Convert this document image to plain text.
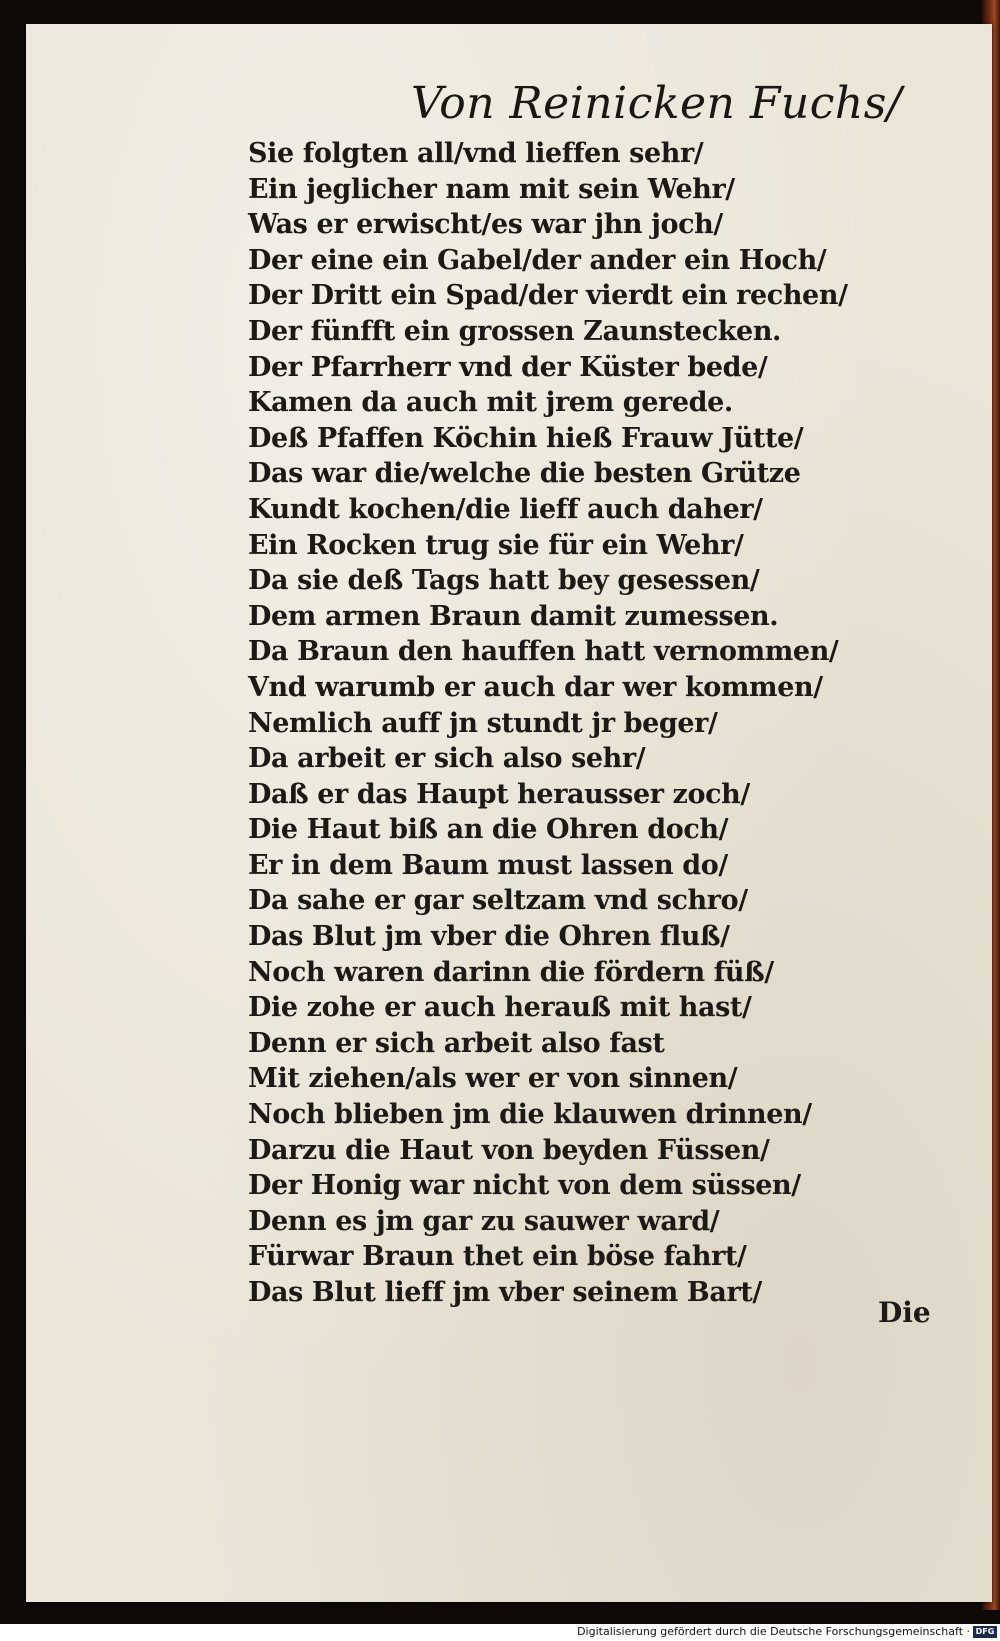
Von Reinicken Fuchs/
Sie folgten all/vnd lieffen sehr/
Ein jeglicher nam mit sein Wehr/
Was er erwischt/es war jhn joch/
Der eine ein Gabel/der ander ein Hoch/
Der Dritt ein Spad/der vierdt ein rechen/
Der fünfft ein grossen Zaunstecken.
Der Pfarrherr vnd der Küster bede/
Kamen da auch mit jrem gerede.
Deß Pfaffen Köchin hieß Frauw Jütte/
Das war die/welche die besten Grütze
Kundt kochen/die lieff auch daher/
Ein Rocken trug sie für ein Wehr/
Da sie deß Tags hatt bey gesessen/
Dem armen Braun damit zumessen.
Da Braun den hauffen hatt vernommen/
Vnd warumb er auch dar wer kommen/
Nemlich auff jn stundt jr beger/
Da arbeit er sich also sehr/
Daß er das Haupt herausser zoch/
Die Haut biß an die Ohren doch/
Er in dem Baum must lassen do/
Da sahe er gar seltzam vnd schro/
Das Blut jm vber die Ohren fluß/
Noch waren darinn die fördern füß/
Die zohe er auch herauß mit hast/
Denn er sich arbeit also fast
Mit ziehen/als wer er von sinnen/
Noch blieben jm die klauwen drinnen/
Darzu die Haut von beyden Füssen/
Der Honig war nicht von dem süssen/
Denn es jm gar zu sauwer ward/
Fürwar Braun thet ein böse fahrt/
Das Blut lieff jm vber seinem Bart/
Die
Digitalisierung gefördert durch die Deutsche Forschungsgemeinschaft · DFG
